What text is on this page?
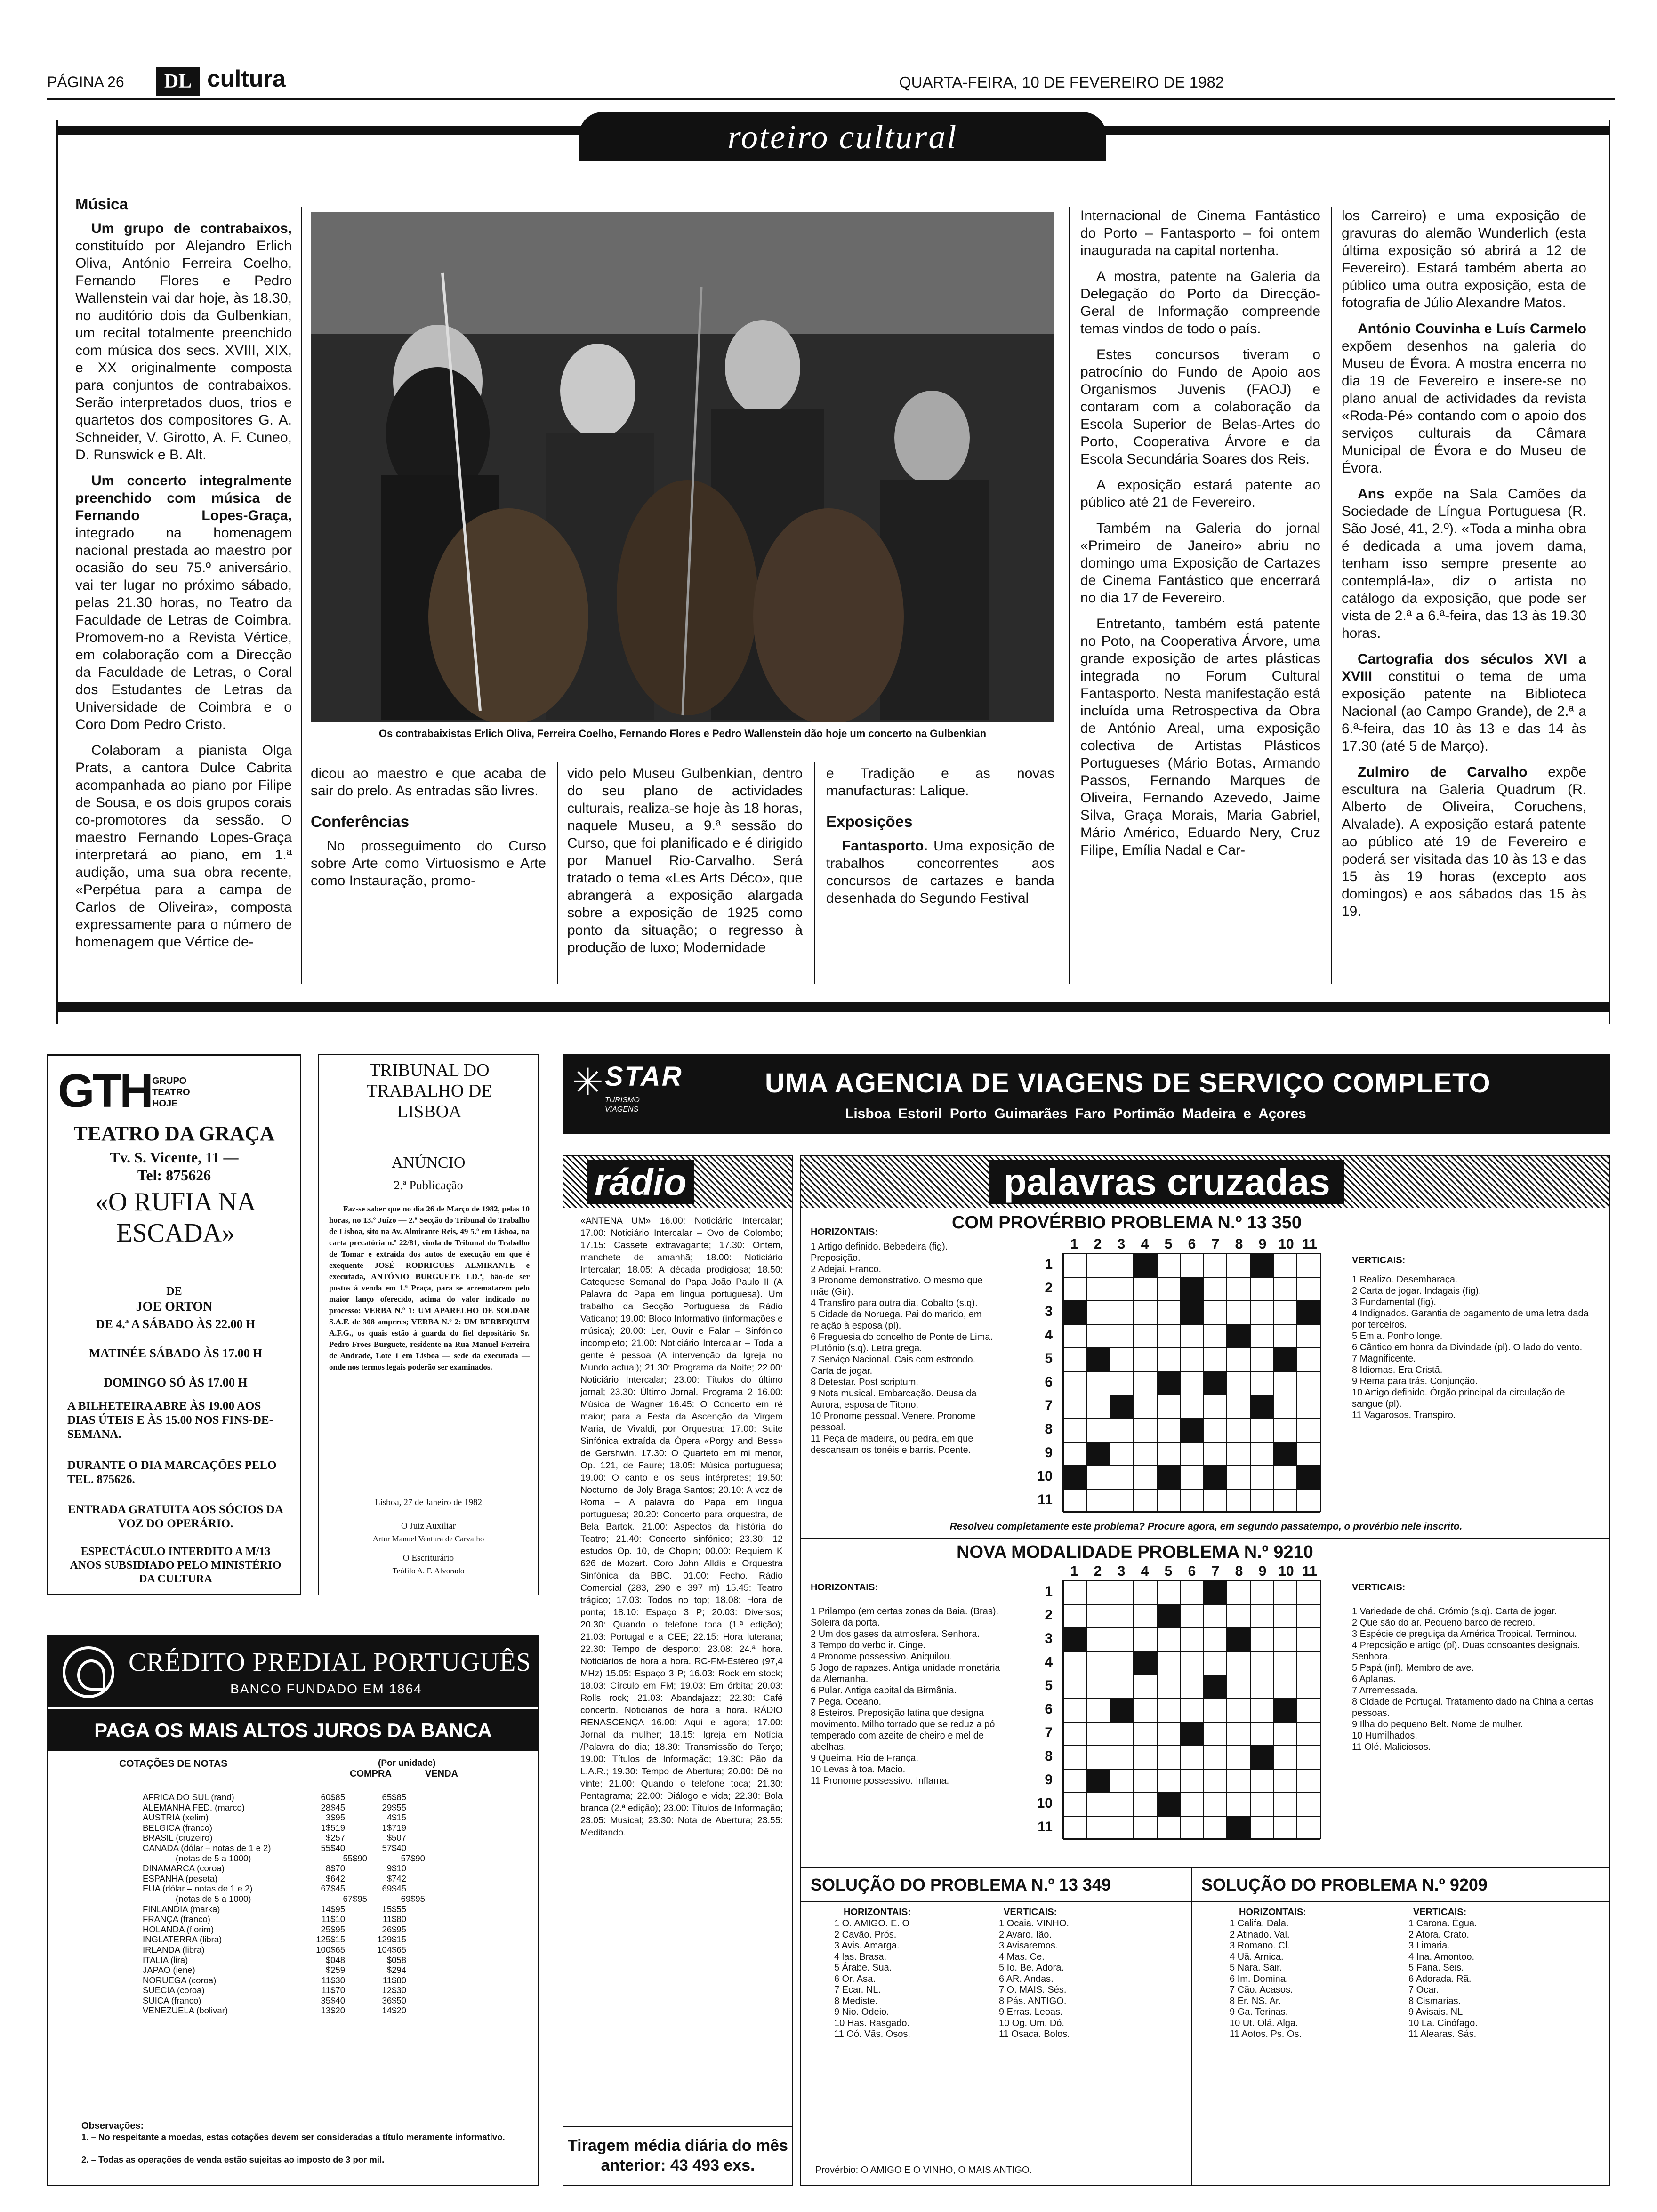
PÁGINA 26	DL cultura	QUARTA-FEIRA, 10 DE FEVEREIRO DE 1982
roteiro cultural
Música

Um grupo de contrabaixos, constituído por Alejandro Erlich Oliva, António Ferreira Coelho, Fernando Flores e Pedro Wallenstein vai dar hoje, às 18.30, no auditório dois da Gulbenkian, um recital totalmente preenchido com música dos secs. XVIII, XIX, e XX originalmente composta para conjuntos de contrabaixos. Serão interpretados duos, trios e quartetos dos compositores G. A. Schneider, V. Girotto, A. F. Cuneo, D. Runswick e B. Alt.

Um concerto integralmente preenchido com música de Fernando Lopes-Graça, integrado na homenagem nacional prestada ao maestro por ocasião do seu 75.º aniversário, vai ter lugar no próximo sábado, pelas 21.30 horas, no Teatro da Faculdade de Letras de Coimbra. Promovem-no a Revista Vértice, em colaboração com a Direcção da Faculdade de Letras, o Coral dos Estudantes de Letras da Universidade de Coimbra e o Coro Dom Pedro Cristo.

Colaboram a pianista Olga Prats, a cantora Dulce Cabrita acompanhada ao piano por Filipe de Sousa, e os dois grupos corais co-promotores da sessão. O maestro Fernando Lopes-Graça interpretará ao piano, em 1.ª audição, uma sua obra recente, «Perpétua para a campa de Carlos de Oliveira», composta expressamente para o número de homenagem que Vértice de-

Os contrabaixistas Erlich Oliva, Ferreira Coelho, Fernando Flores e Pedro Wallenstein dão hoje um concerto na Gulbenkian

dicou ao maestro e que acaba de sair do prelo. As entradas são livres.

Conferências

No prosseguimento do Curso sobre Arte como Virtuosismo e Arte como Instauração, promo-

vido pelo Museu Gulbenkian, dentro do seu plano de actividades culturais, realiza-se hoje às 18 horas, naquele Museu, a 9.ª sessão do Curso, que foi planificado e é dirigido por Manuel Rio-Carvalho. Será tratado o tema «Les Arts Déco», que abrangerá a exposição alargada sobre a exposição de 1925 como ponto da situação; o regresso à produção de luxo; Modernidade

e Tradição e as novas manufacturas: Lalique.

Exposições

Fantasporto. Uma exposição de trabalhos concorrentes aos concursos de cartazes e banda desenhada do Segundo Festival

Internacional de Cinema Fantástico do Porto – Fantasporto – foi ontem inaugurada na capital nortenha.

A mostra, patente na Galeria da Delegação do Porto da Direcção-Geral de Informação compreende temas vindos de todo o país.

Estes concursos tiveram o patrocínio do Fundo de Apoio aos Organismos Juvenis (FAOJ) e contaram com a colaboração da Escola Superior de Belas-Artes do Porto, Cooperativa Árvore e da Escola Secundária Soares dos Reis.

A exposição estará patente ao público até 21 de Fevereiro.

Também na Galeria do jornal «Primeiro de Janeiro» abriu no domingo uma Exposição de Cartazes de Cinema Fantástico que encerrará no dia 17 de Fevereiro.

Entretanto, também está patente no Poto, na Cooperativa Árvore, uma grande exposição de artes plásticas integrada no Forum Cultural Fantasporto. Nesta manifestação está incluída uma Retrospectiva da Obra de António Areal, uma exposição colectiva de Artistas Plásticos Portugueses (Mário Botas, Armando Passos, Fernando Marques de Oliveira, Fernando Azevedo, Jaime Silva, Graça Morais, Maria Gabriel, Mário Américo, Eduardo Nery, Cruz Filipe, Emília Nadal e Car-

los Carreiro) e uma exposição de gravuras do alemão Wunderlich (esta última exposição só abrirá a 12 de Fevereiro). Estará também aberta ao público uma outra exposição, esta de fotografia de Júlio Alexandre Matos.

António Couvinha e Luís Carmelo expõem desenhos na galeria do Museu de Évora. A mostra encerra no dia 19 de Fevereiro e insere-se no plano anual de actividades da revista «Roda-Pé» contando com o apoio dos serviços culturais da Câmara Municipal de Évora e do Museu de Évora.

Ans expõe na Sala Camões da Sociedade de Língua Portuguesa (R. São José, 41, 2.º). «Toda a minha obra é dedicada a uma jovem dama, tenham isso sempre presente ao contemplá-la», diz o artista no catálogo da exposição, que pode ser vista de 2.ª a 6.ª-feira, das 13 às 19.30 horas.

Cartografia dos séculos XVI a XVIII constitui o tema de uma exposição patente na Biblioteca Nacional (ao Campo Grande), de 2.ª a 6.ª-feira, das 10 às 13 e das 14 às 17.30 (até 5 de Março).

Zulmiro de Carvalho expõe escultura na Galeria Quadrum (R. Alberto de Oliveira, Coruchens, Alvalade). A exposição estará patente ao público até 19 de Fevereiro e poderá ser visitada das 10 às 13 e das 15 às 19 horas (excepto aos domingos) e aos sábados das 15 às 19.

GTH GRUPO TEATRO HOJE
TEATRO DA GRAÇA
Tv. S. Vicente, 11 —
Tel: 875626
«O RUFIA NA ESCADA»
DE
JOE ORTON
DE 4.ª A SÁBADO ÀS 22.00 H
MATINÉE SÁBADO ÀS 17.00 H
DOMINGO SÓ ÀS 17.00 H
A BILHETEIRA ABRE ÀS 19.00 AOS DIAS ÚTEIS E ÀS 15.00 NOS FINS-DE-SEMANA.
DURANTE O DIA MARCAÇÕES PELO TEL. 875626.
ENTRADA GRATUITA AOS SÓCIOS DA VOZ DO OPERÁRIO.
ESPECTÁCULO INTERDITO A M/13 ANOS SUBSIDIADO PELO MINISTÉRIO DA CULTURA
TRIBUNAL DO TRABALHO DE LISBOA
ANÚNCIO
2.ª Publicação
Faz-se saber que no dia 26 de Março de 1982, pelas 10 horas, no 13.º Juízo — 2.ª Secção do Tribunal do Trabalho de Lisboa, sito na Av. Almirante Reis, 49 5.º em Lisboa, na carta precatória n.º 22/81, vinda do Tribunal do Trabalho de Tomar e extraída dos autos de execução em que é exequente JOSÉ RODRIGUES ALMIRANTE e executada, ANTÓNIO BURGUETE LD.ª, hão-de ser postos à venda em 1.ª Praça, para se arrematarem pelo maior lanço oferecido, acima do valor indicado no processo: VERBA N.º 1: UM APARELHO DE SOLDAR S.A.F. de 308 amperes; VERBA N.º 2: UM BERBEQUIM A.F.G., os quais estão à guarda do fiel depositário Sr. Pedro Froes Burguete, residente na Rua Manuel Ferreira de Andrade, Lote 1 em Lisboa — sede da executada — onde nos termos legais poderão ser examinados.
Lisboa, 27 de Janeiro de 1982
O Juiz Auxiliar
Artur Manuel Ventura de Carvalho
O Escriturário
Teófilo A. F. Alvorado
CRÉDITO PREDIAL PORTUGUÊS
BANCO FUNDADO EM 1864
PAGA OS MAIS ALTOS JUROS DA BANCA
COTAÇÕES DE NOTAS	(Por unidade)
COMPRA	VENDA
AFRICA DO SUL (rand)	60$85	65$85
ALEMANHA FED. (marco)	28$45	29$55
AUSTRIA (xelim)	3$95	4$15
BELGICA (franco)	1$519	1$719
BRASIL (cruzeiro)	$257	$507
CANADA (dólar – notas de 1 e 2)	55$40	57$40
(notas de 5 a 1000)	55$90	57$90
DINAMARCA (coroa)	8$70	9$10
ESPANHA (peseta)	$642	$742
EUA (dólar – notas de 1 e 2)	67$45	69$45
(notas de 5 a 1000)	67$95	69$95
FINLANDIA (marka)	14$95	15$55
FRANÇA (franco)	11$10	11$80
HOLANDA (florim)	25$95	26$95
INGLATERRA (libra)	125$15	129$15
IRLANDA (libra)	100$65	104$65
ITALIA (lira)	$048	$058
JAPAO (iene)	$259	$294
NORUEGA (coroa)	11$30	11$80
SUECIA (coroa)	11$70	12$30
SUIÇA (franco)	35$40	36$50
VENEZUELA (bolivar)	13$20	14$20
Observações:
1. – No respeitante a moedas, estas cotações devem ser consideradas a título meramente informativo.
2. – Todas as operações de venda estão sujeitas ao imposto de 3 por mil.
STAR
✳ TURISMO VIAGENS
UMA AGENCIA DE VIAGENS DE SERVIÇO COMPLETO
Lisboa Estoril Porto Guimarães Faro Portimão Madeira e Açores
rádio

«ANTENA UM» 16.00: Noticiário Intercalar; 17.00: Noticiário Intercalar – Ovo de Colombo; 17.15: Cassete extravagante; 17.30: Ontem, manchete de amanhã; 18.00: Noticiário Intercalar; 18.05: A década prodigiosa; 18.50: Catequese Semanal do Papa João Paulo II (A Palavra do Papa em língua portuguesa). Um trabalho da Secção Portuguesa da Rádio Vaticano; 19.00: Bloco Informativo (informações e música); 20.00: Ler, Ouvir e Falar – Sinfónico incompleto; 21.00: Noticiário Intercalar – Toda a gente é pessoa (A intervenção da Igreja no Mundo actual); 21.30: Programa da Noite; 22.00: Noticiário Intercalar; 23.00: Títulos do último jornal; 23.30: Último Jornal. Programa 2 16.00: Música de Wagner 16.45: O Concerto em ré maior; para a Festa da Ascenção da Virgem Maria, de Vivaldi, por Orquestra; 17.00: Suite Sinfónica extraída da Ópera «Porgy and Bess» de Gershwin. 17.30: O Quarteto em mi menor, Op. 121, de Fauré; 18.05: Música portuguesa; 19.00: O canto e os seus intérpretes; 19.50: Nocturno, de Joly Braga Santos; 20.10: A voz de Roma – A palavra do Papa em língua portuguesa; 20.20: Concerto para orquestra, de Bela Bartok. 21.00: Aspectos da história do Teatro; 21.40: Concerto sinfónico; 23.30: 12 estudos Op. 10, de Chopin; 00.00: Requiem K 626 de Mozart. Coro John Alldis e Orquestra Sinfónica da BBC. 01.00: Fecho. Rádio Comercial (283, 290 e 397 m) 15.45: Teatro trágico; 17.03: Todos no top; 18.08: Hora de ponta; 18.10: Espaço 3 P; 20.03: Diversos; 20.30: Quando o telefone toca (1.ª edição); 21.03: Portugal e a CEE; 22.15: Hora luterana; 22.30: Tempo de desporto; 23.08: 24.ª hora. Noticiários de hora a hora. RC-FM-Estéreo (97,4 MHz) 15.05: Espaço 3 P; 16.03: Rock em stock; 18.03: Círculo em FM; 19.03: Em órbita; 20.03: Rolls rock; 21.03: Abandajazz; 22.30: Café concerto. Noticiários de hora a hora. RÁDIO RENASCENÇA 16.00: Aqui e agora; 17.00: Jornal da mulher; 18.15: Igreja em Notícia /Palavra do dia; 18.30: Transmissão do Terço; 19.00: Títulos de Informação; 19.30: Pão da L.A.R.; 19.30: Tempo de Abertura; 20.00: Dê no vinte; 21.00: Quando o telefone toca; 21.30: Pentagrama; 22.00: Diálogo e vida; 22.30: Bola branca (2.ª edição); 23.00: Títulos de Informação; 23.05: Musical; 23.30: Nota de Abertura; 23.55: Meditando.

Tiragem média diária do mês anterior: 43 493 exs.
palavras cruzadas
COM PROVÉRBIO PROBLEMA N.º 13 350
HORIZONTAIS:

1 Artigo definido. Bebedeira (fig). Preposição.

2 Adejai. Franco.

3 Pronome demonstrativo. O mesmo que mãe (Gír).

4 Transfiro para outra dia. Cobalto (s.q).

5 Cidade da Noruega. Pai do marido, em relação à esposa (pl).

6 Freguesia do concelho de Ponte de Lima. Plutónio (s.q). Letra grega.

7 Serviço Nacional. Cais com estrondo. Carta de jogar.

8 Detestar. Post scriptum.

9 Nota musical. Embarcação. Deusa da Aurora, esposa de Titono.

10 Pronome pessoal. Venere. Pronome pessoal.

11 Peça de madeira, ou pedra, em que descansam os tonéis e barris. Poente.

1	2	3	4	5	6	7	8	9 10 11
1
2
3
4
5
6
7
8
9
10
11
VERTICAIS:

1 Realizo. Desembaraça.

2 Carta de jogar. Indagais (fig).

3 Fundamental (fig).

4 Indignados. Garantia de pagamento de uma letra dada por terceiros.

5 Em a. Ponho longe.

6 Cântico em honra da Divindade (pl). O lado do vento.

7 Magnificente.

8 Idiomas. Era Cristã.

9 Rema para trás. Conjunção.

10 Artigo definido. Órgão principal da circulação de sangue (pl).

11 Vagarosos. Transpiro.

Resolveu completamente este problema? Procure agora, em segundo passatempo, o provérbio nele inscrito.
NOVA MODALIDADE PROBLEMA N.º 9210
1	2	3	4	5	6	7	8	9 10 11
HORIZONTAIS:

1 Prilampo (em certas zonas da Baia. (Bras). Soleira da porta.

2 Um dos gases da atmosfera. Senhora.

3 Tempo do verbo ir. Cinge.

4 Pronome possessivo. Aniquilou.

5 Jogo de rapazes. Antiga unidade monetária da Alemanha.

6 Pular. Antiga capital da Birmânia.

7 Pega. Oceano.

8 Esteiros. Preposição latina que designa movimento. Milho torrado que se reduz a pó temperado com azeite de cheiro e mel de abelhas.

9 Queima. Rio de França.

10 Levas à toa. Macio.

11 Pronome possessivo. Inflama.

1
2
3
4
5
6
7
8
9
10
11
VERTICAIS:

1 Variedade de chá. Crómio (s.q). Carta de jogar.

2 Que são do ar. Pequeno barco de recreio.

3 Espécie de preguiça da América Tropical. Terminou.

4 Preposição e artigo (pl). Duas consoantes designais. Senhora.

5 Papá (inf). Membro de ave.

6 Aplanas.

7 Arremessada.

8 Cidade de Portugal. Tratamento dado na China a certas pessoas.

9 Ilha do pequeno Belt. Nome de mulher.

10 Humilhados.

11 Olé. Maliciosos.

SOLUÇÃO DO PROBLEMA N.º 13 349
HORIZONTAIS:	VERTICAIS:

1 O. AMIGO. E. O

2 Cavão. Prós.

3 Avis. Amarga.

4 las. Brasa.

5 Árabe. Sua.

6 Or. Asa.

7 Ecar. NL.

8 Mediste.

9 Nio. Odeio.

10 Has. Rasgado.

11 Oó. Vãs. Osos.

1 Ocaia. VINHO.

2 Avaro. Ião.

3 Avisaremos.

4 Mas. Ce.

5 Io. Be. Adora.

6 AR. Andas.

7 O. MAIS. Sés.

8 Pás. ANTIGO.

9 Erras. Leoas.

10 Og. Um. Dó.

11 Osaca. Bolos.

Provérbio: O AMIGO E O VINHO, O MAIS ANTIGO.
SOLUÇÃO DO PROBLEMA N.º 9209
HORIZONTAIS:	VERTICAIS:

1 Califa. Dala.

2 Atinado. Val.

3 Romano. Cl.

4 Uã. Arnica.

5 Nara. Sair.

6 Im. Domina.

7 Cão. Acasos.

8 Er. NS. Ar.

9 Ga. Terinas.

10 Ut. Olá. Alga.

11 Aotos. Ps. Os.

1 Carona. Égua.

2 Atora. Crato.

3 Limaria.

4 Ina. Amontoo.

5 Fana. Seis.

6 Adorada. Rã.

7 Ocar.

8 Cismarias.

9 Avisais. NL.

10 La. Cinófago.

11 Alearas. Sás.
